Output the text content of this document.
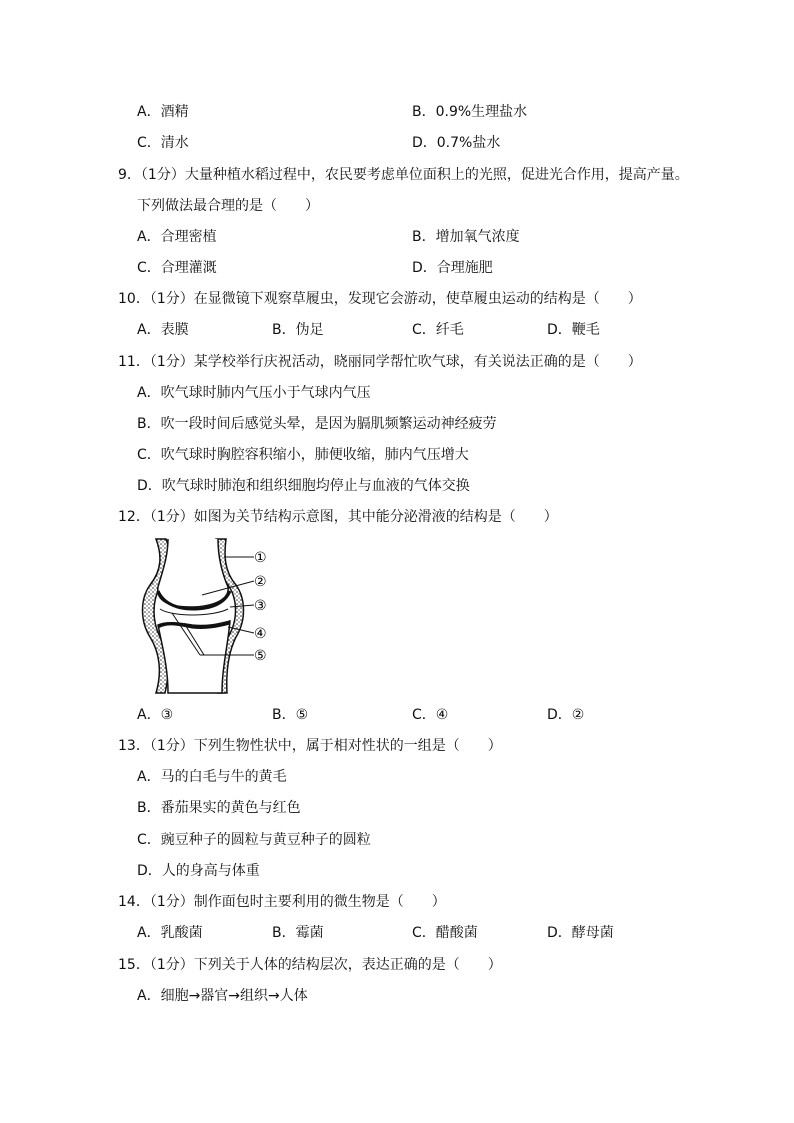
A．酒精	B．0.9%生理盐水
C．清水	D．0.7%盐水
9．（1分）大量种植水稻过程中，农民要考虑单位面积上的光照，促进光合作用，提高产量。
下列做法最合理的是（　　）
A．合理密植	B．增加氧气浓度
C．合理灌溉	D．合理施肥
10．（1分）在显微镜下观察草履虫，发现它会游动，使草履虫运动的结构是（　　）
A．表膜	B．伪足	C．纤毛	D．鞭毛
11．（1分）某学校举行庆祝活动，晓丽同学帮忙吹气球，有关说法正确的是（　　）
A．吹气球时肺内气压小于气球内气压
B．吹一段时间后感觉头晕，是因为膈肌频繁运动神经疲劳
C．吹气球时胸腔容积缩小，肺便收缩，肺内气压增大
D．吹气球时肺泡和组织细胞均停止与血液的气体交换
12．（1分）如图为关节结构示意图，其中能分泌滑液的结构是（　　）
①
②
③
④
⑤
A．③	B．⑤	C．④	D．②
13．（1分）下列生物性状中，属于相对性状的一组是（　　）
A．马的白毛与牛的黄毛
B．番茄果实的黄色与红色
C．豌豆种子的圆粒与黄豆种子的圆粒
D．人的身高与体重
14．（1分）制作面包时主要利用的微生物是（　　）
A．乳酸菌	B．霉菌	C．醋酸菌	D．酵母菌
15．（1分）下列关于人体的结构层次，表达正确的是（　　）
A．细胞→器官→组织→人体
